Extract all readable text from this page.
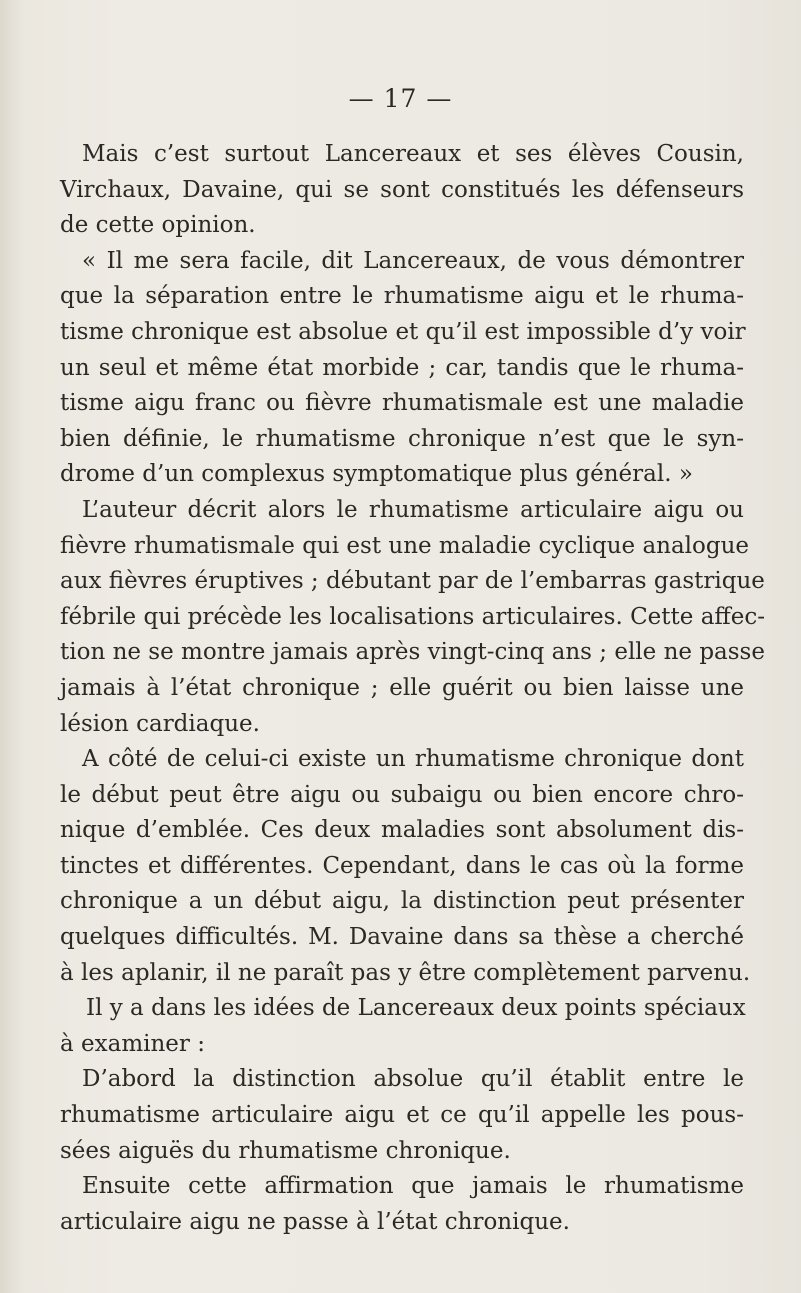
— 17 —
Mais c’est surtout Lancereaux et ses élèves Cousin,
Virchaux, Davaine, qui se sont constitués les défenseurs
de cette opinion.
« Il me sera facile, dit Lancereaux, de vous démontrer
que la séparation entre le rhumatisme aigu et le rhuma-
tisme chronique est absolue et qu’il est impossible d’y voir
un seul et même état morbide ; car, tandis que le rhuma-
tisme aigu franc ou fièvre rhumatismale est une maladie
bien définie, le rhumatisme chronique n’est que le syn-
drome d’un complexus symptomatique plus général. »
L’auteur décrit alors le rhumatisme articulaire aigu ou
fièvre rhumatismale qui est une maladie cyclique analogue
aux fièvres éruptives ; débutant par de l’embarras gastrique
fébrile qui précède les localisations articulaires. Cette affec-
tion ne se montre jamais après vingt-cinq ans ; elle ne passe
jamais à l’état chronique ; elle guérit ou bien laisse une
lésion cardiaque.
A côté de celui-ci existe un rhumatisme chronique dont
le début peut être aigu ou subaigu ou bien encore chro-
nique d’emblée. Ces deux maladies sont absolument dis-
tinctes et différentes. Cependant, dans le cas où la forme
chronique a un début aigu, la distinction peut présenter
quelques difficultés. M. Davaine dans sa thèse a cherché
à les aplanir, il ne paraît pas y être complètement parvenu.
Il y a dans les idées de Lancereaux deux points spéciaux
à examiner :
D’abord la distinction absolue qu’il établit entre le
rhumatisme articulaire aigu et ce qu’il appelle les pous-
sées aiguës du rhumatisme chronique.
Ensuite cette affirmation que jamais le rhumatisme
articulaire aigu ne passe à l’état chronique.
